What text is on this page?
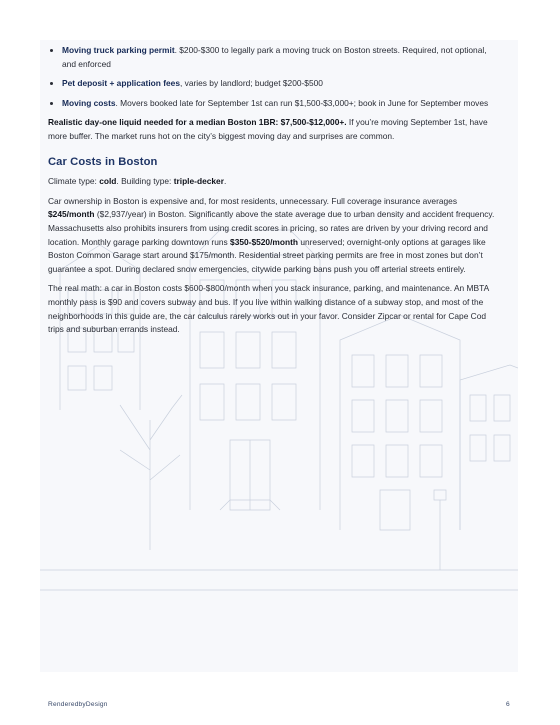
• Moving truck parking permit. $200-$300 to legally park a moving truck on Boston streets. Required, not optional, and enforced
• Pet deposit + application fees, varies by landlord; budget $200-$500
• Moving costs. Movers booked late for September 1st can run $1,500-$3,000+; book in June for September moves

Realistic day-one liquid needed for a median Boston 1BR: $7,500-$12,000+. If you’re moving September 1st, have more buffer. The market runs hot on the city’s biggest moving day and surprises are common.

Car Costs in Boston

Climate type: cold. Building type: triple-decker.

Car ownership in Boston is expensive and, for most residents, unnecessary. Full coverage insurance averages $245/month ($2,937/year) in Boston. Significantly above the state average due to urban density and accident frequency. Massachusetts also prohibits insurers from using credit scores in pricing, so rates are driven by your driving record and location. Monthly garage parking downtown runs $350-$520/month unreserved; overnight-only options at garages like Boston Common Garage start around $175/month. Residential street parking permits are free in most zones but don’t guarantee a spot. During declared snow emergencies, citywide parking bans push you off arterial streets entirely.

The real math: a car in Boston costs $600-$800/month when you stack insurance, parking, and maintenance. An MBTA monthly pass is $90 and covers subway and bus. If you live within walking distance of a subway stop, and most of the neighborhoods in this guide are, the car calculus rarely works out in your favor. Consider Zipcar or rental for Cape Cod trips and suburban errands instead.

RenderedbyDesign	6
